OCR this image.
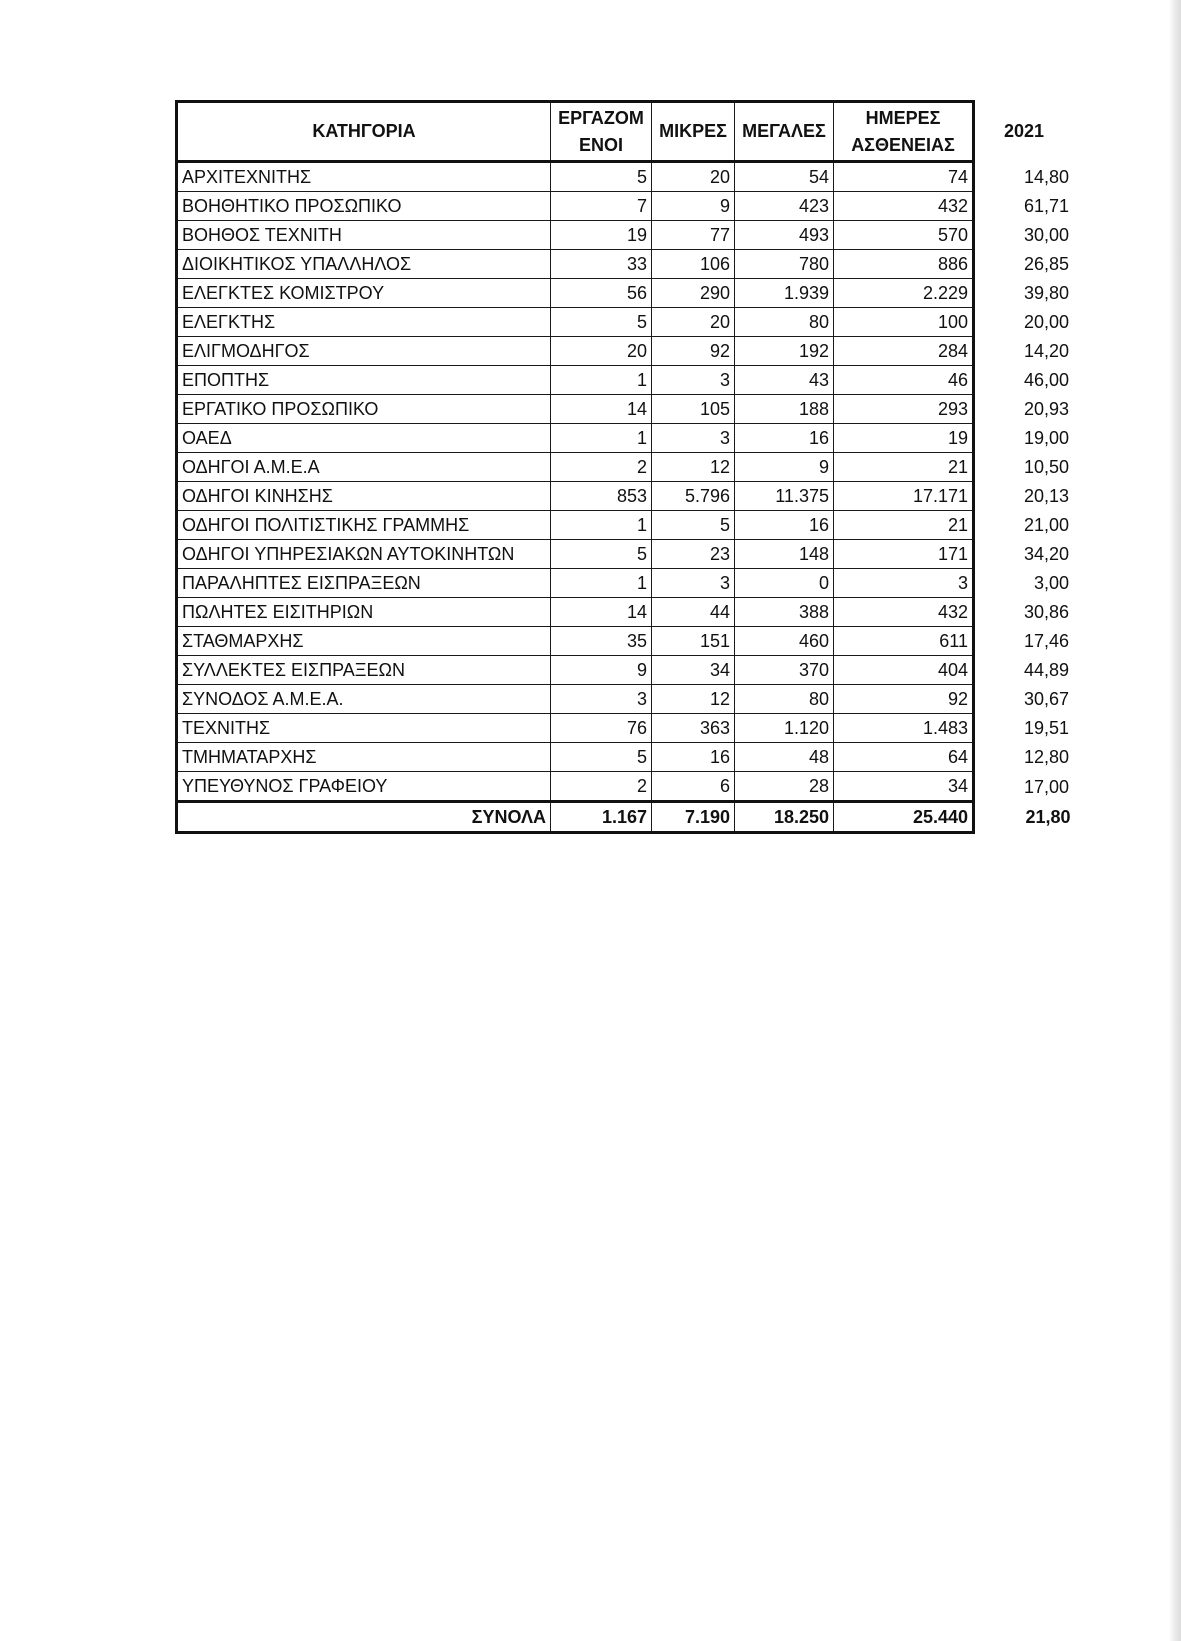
ΚΑΤΗΓΟΡΙΑ	ΕΡΓΑΖΟΜ ΕΝΟΙ	ΜΙΚΡΕΣ	ΜΕΓΑΛΕΣ	ΗΜΕΡΕΣ ΑΣΘΕΝΕΙΑΣ	2021
ΑΡΧΙΤΕΧΝΙΤΗΣ	5	20	54	74	14,80
ΒΟΗΘΗΤΙΚΟ ΠΡΟΣΩΠΙΚΟ	7	9	423	432	61,71
ΒΟΗΘΟΣ ΤΕΧΝΙΤΗ	19	77	493	570	30,00
ΔΙΟΙΚΗΤΙΚΟΣ ΥΠΑΛΛΗΛΟΣ	33	106	780	886	26,85
ΕΛΕΓΚΤΕΣ ΚΟΜΙΣΤΡΟΥ	56	290	1.939	2.229	39,80
ΕΛΕΓΚΤΗΣ	5	20	80	100	20,00
ΕΛΙΓΜΟΔΗΓΟΣ	20	92	192	284	14,20
ΕΠΟΠΤΗΣ	1	3	43	46	46,00
ΕΡΓΑΤΙΚΟ ΠΡΟΣΩΠΙΚΟ	14	105	188	293	20,93
ΟΑΕΔ	1	3	16	19	19,00
ΟΔΗΓΟΙ Α.Μ.Ε.Α	2	12	9	21	10,50
ΟΔΗΓΟΙ ΚΙΝΗΣΗΣ	853	5.796	11.375	17.171	20,13
ΟΔΗΓΟΙ ΠΟΛΙΤΙΣΤΙΚΗΣ ΓΡΑΜΜΗΣ	1	5	16	21	21,00
ΟΔΗΓΟΙ ΥΠΗΡΕΣΙΑΚΩΝ ΑΥΤΟΚΙΝΗΤΩΝ	5	23	148	171	34,20
ΠΑΡΑΛΗΠΤΕΣ ΕΙΣΠΡΑΞΕΩΝ	1	3	0	3	3,00
ΠΩΛΗΤΕΣ ΕΙΣΙΤΗΡΙΩΝ	14	44	388	432	30,86
ΣΤΑΘΜΑΡΧΗΣ	35	151	460	611	17,46
ΣΥΛΛΕΚΤΕΣ ΕΙΣΠΡΑΞΕΩΝ	9	34	370	404	44,89
ΣΥΝΟΔΟΣ Α.Μ.Ε.Α.	3	12	80	92	30,67
ΤΕΧΝΙΤΗΣ	76	363	1.120	1.483	19,51
ΤΜΗΜΑΤΑΡΧΗΣ	5	16	48	64	12,80
ΥΠΕΥΘΥΝΟΣ ΓΡΑΦΕΙΟΥ	2	6	28	34	17,00
ΣΥΝΟΛΑ	1.167	7.190	18.250	25.440	21,80
